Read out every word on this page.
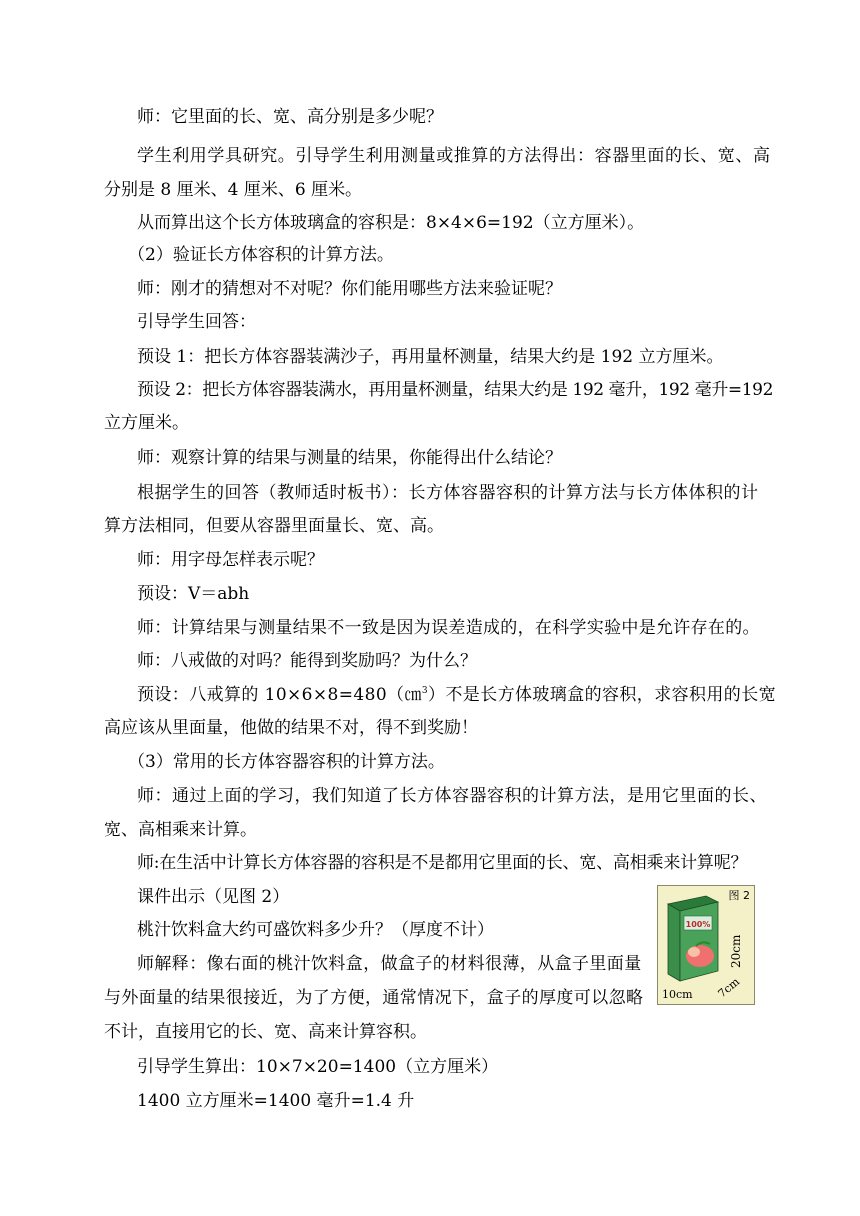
师：它里面的长、宽、高分别是多少呢？
学生利用学具研究。引导学生利用测量或推算的方法得出：容器里面的长、宽、高
分别是 8 厘米、4 厘米、6 厘米。
从而算出这个长方体玻璃盒的容积是：8×4×6=192（立方厘米）。
（2）验证长方体容积的计算方法。
师：刚才的猜想对不对呢？你们能用哪些方法来验证呢？
引导学生回答：
预设 1：把长方体容器装满沙子，再用量杯测量，结果大约是 192 立方厘米。
预设 2：把长方体容器装满水，再用量杯测量，结果大约是 192 毫升，192 毫升=192
立方厘米。
师：观察计算的结果与测量的结果，你能得出什么结论？
根据学生的回答（教师适时板书）：长方体容器容积的计算方法与长方体体积的计
算方法相同，但要从容器里面量长、宽、高。
师：用字母怎样表示呢？
预设：V＝abh
师：计算结果与测量结果不一致是因为误差造成的，在科学实验中是允许存在的。
师：八戒做的对吗？能得到奖励吗？为什么？
预设：八戒算的 10×6×8=480（㎝$^3$）不是长方体玻璃盒的容积，求容积用的长宽
高应该从里面量，他做的结果不对，得不到奖励！
（3）常用的长方体容器容积的计算方法。
师：通过上面的学习，我们知道了长方体容器容积的计算方法，是用它里面的长、
宽、高相乘来计算。
师:在生活中计算长方体容器的容积是不是都用它里面的长、宽、高相乘来计算呢？
课件出示（见图 2）
桃汁饮料盒大约可盛饮料多少升？（厚度不计）
师解释：像右面的桃汁饮料盒，做盒子的材料很薄，从盒子里面量
与外面量的结果很接近，为了方便，通常情况下，盒子的厚度可以忽略
不计，直接用它的长、宽、高来计算容积。
引导学生算出：10×7×20=1400（立方厘米）
1400 立方厘米=1400 毫升=1.4 升
100%
20cm
10cm 7cm
图 2
